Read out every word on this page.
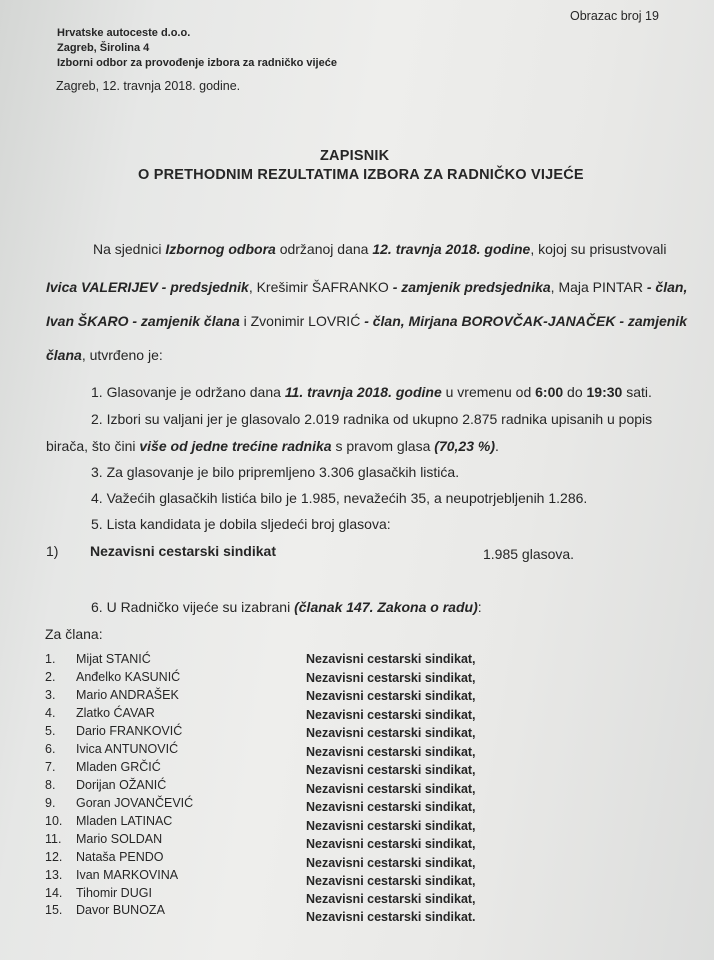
Obrazac broj 19
Hrvatske autoceste d.o.o.
Zagreb, Širolina 4
Izborni odbor za provođenje izbora za radničko vijeće
Zagreb, 12. travnja 2018. godine.
ZAPISNIK
O PRETHODNIM REZULTATIMA IZBORA ZA RADNIČKO VIJEĆE
Na sjednici Izbornog odbora održanoj dana 12. travnja 2018. godine, kojoj su prisustvovali
Ivica VALERIJEV - predsjednik, Krešimir ŠAFRANKO - zamjenik predsjednika, Maja PINTAR - član,
Ivan ŠKARO - zamjenik člana i Zvonimir LOVRIĆ - član, Mirjana BOROVČAK-JANAČEK - zamjenik
člana, utvrđeno je:
1. Glasovanje je održano dana 11. travnja 2018. godine u vremenu od 6:00 do 19:30 sati.
2. Izbori su valjani jer je glasovalo 2.019 radnika od ukupno 2.875 radnika upisanih u popis
birača, što čini više od jedne trećine radnika s pravom glasa (70,23 %).
3. Za glasovanje je bilo pripremljeno 3.306 glasačkih listića.
4. Važećih glasačkih listića bilo je 1.985, nevažećih 35, a neupotrjebljenih 1.286.
5. Lista kandidata je dobila sljedeći broj glasova:
1) Nezavisni cestarski sindikat	1.985 glasova.
6. U Radničko vijeće su izabrani (članak 147. Zakona o radu):
Za člana:
1. Mijat STANIĆ	Nezavisni cestarski sindikat,
2. Anđelko KASUNIĆ	Nezavisni cestarski sindikat,
3. Mario ANDRAŠEK	Nezavisni cestarski sindikat,
4. Zlatko ĆAVAR	Nezavisni cestarski sindikat,
5. Dario FRANKOVIĆ	Nezavisni cestarski sindikat,
6. Ivica ANTUNOVIĆ	Nezavisni cestarski sindikat,
7. Mladen GRČIĆ	Nezavisni cestarski sindikat,
8. Dorijan OŽANIĆ	Nezavisni cestarski sindikat,
9. Goran JOVANČEVIĆ	Nezavisni cestarski sindikat,
10. Mladen LATINAC	Nezavisni cestarski sindikat,
11. Mario SOLDAN	Nezavisni cestarski sindikat,
12. Nataša PENDO	Nezavisni cestarski sindikat,
13. Ivan MARKOVINA	Nezavisni cestarski sindikat,
14. Tihomir DUGI	Nezavisni cestarski sindikat,
15. Davor BUNOZA	Nezavisni cestarski sindikat.
